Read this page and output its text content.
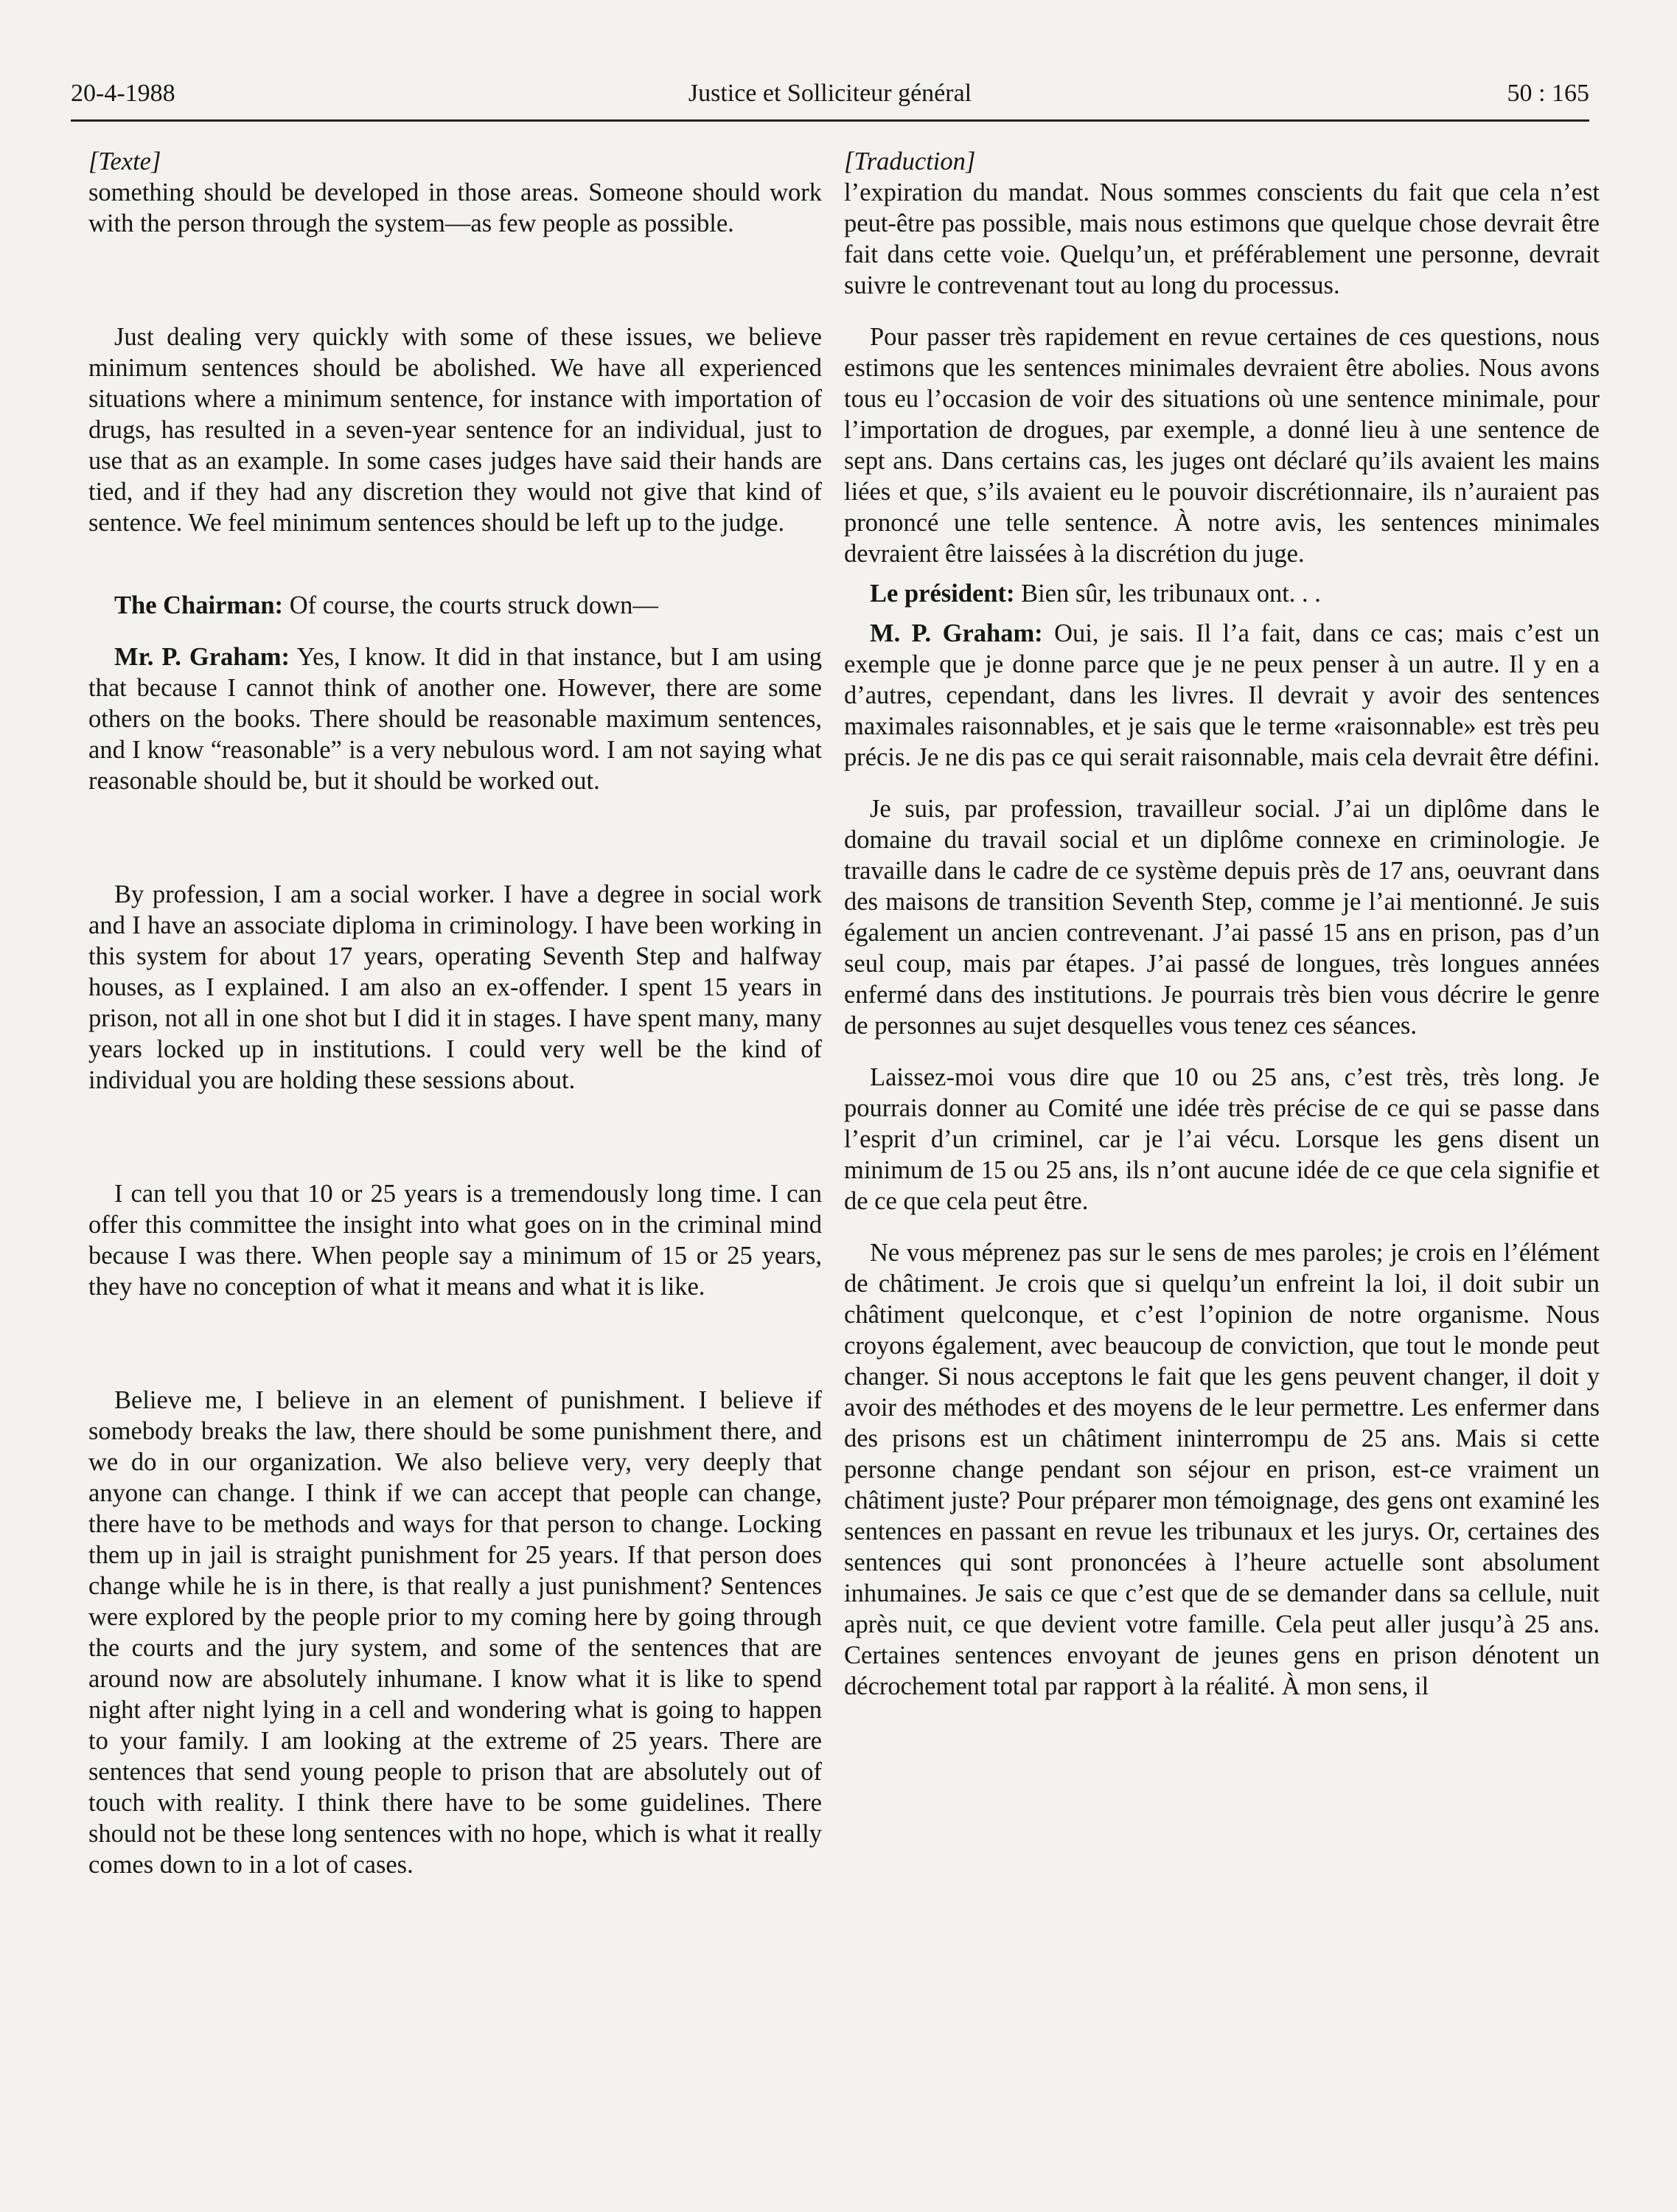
20-4-1988	Justice et Solliciteur général	50 : 165

[Texte]

something should be developed in those areas. Someone should work with the person through the system—as few people as possible.

Just dealing very quickly with some of these issues, we believe minimum sentences should be abolished. We have all experienced situations where a minimum sentence, for instance with importation of drugs, has resulted in a seven-year sentence for an individual, just to use that as an example. In some cases judges have said their hands are tied, and if they had any discretion they would not give that kind of sentence. We feel minimum sentences should be left up to the judge.

The Chairman: Of course, the courts struck down—

Mr. P. Graham: Yes, I know. It did in that instance, but I am using that because I cannot think of another one. However, there are some others on the books. There should be reasonable maximum sentences, and I know “reasonable” is a very nebulous word. I am not saying what reasonable should be, but it should be worked out.

By profession, I am a social worker. I have a degree in social work and I have an associate diploma in criminology. I have been working in this system for about 17 years, operating Seventh Step and halfway houses, as I explained. I am also an ex-offender. I spent 15 years in prison, not all in one shot but I did it in stages. I have spent many, many years locked up in institutions. I could very well be the kind of individual you are holding these sessions about.

I can tell you that 10 or 25 years is a tremendously long time. I can offer this committee the insight into what goes on in the criminal mind because I was there. When people say a minimum of 15 or 25 years, they have no conception of what it means and what it is like.

Believe me, I believe in an element of punishment. I believe if somebody breaks the law, there should be some punishment there, and we do in our organization. We also believe very, very deeply that anyone can change. I think if we can accept that people can change, there have to be methods and ways for that person to change. Locking them up in jail is straight punishment for 25 years. If that person does change while he is in there, is that really a just punishment? Sentences were explored by the people prior to my coming here by going through the courts and the jury system, and some of the sentences that are around now are absolutely inhumane. I know what it is like to spend night after night lying in a cell and wondering what is going to happen to your family. I am looking at the extreme of 25 years. There are sentences that send young people to prison that are absolutely out of touch with reality. I think there have to be some guidelines. There should not be these long sentences with no hope, which is what it really comes down to in a lot of cases.

[Traduction]

l’expiration du mandat. Nous sommes conscients du fait que cela n’est peut-être pas possible, mais nous estimons que quelque chose devrait être fait dans cette voie. Quelqu’un, et préférablement une personne, devrait suivre le contrevenant tout au long du processus.

Pour passer très rapidement en revue certaines de ces questions, nous estimons que les sentences minimales devraient être abolies. Nous avons tous eu l’occasion de voir des situations où une sentence minimale, pour l’importation de drogues, par exemple, a donné lieu à une sentence de sept ans. Dans certains cas, les juges ont déclaré qu’ils avaient les mains liées et que, s’ils avaient eu le pouvoir discrétionnaire, ils n’auraient pas prononcé une telle sentence. À notre avis, les sentences minimales devraient être laissées à la discrétion du juge.

Le président: Bien sûr, les tribunaux ont. . .

M. P. Graham: Oui, je sais. Il l’a fait, dans ce cas; mais c’est un exemple que je donne parce que je ne peux penser à un autre. Il y en a d’autres, cependant, dans les livres. Il devrait y avoir des sentences maximales raisonnables, et je sais que le terme «raisonnable» est très peu précis. Je ne dis pas ce qui serait raisonnable, mais cela devrait être défini.

Je suis, par profession, travailleur social. J’ai un diplôme dans le domaine du travail social et un diplôme connexe en criminologie. Je travaille dans le cadre de ce système depuis près de 17 ans, oeuvrant dans des maisons de transition Seventh Step, comme je l’ai mentionné. Je suis également un ancien contrevenant. J’ai passé 15 ans en prison, pas d’un seul coup, mais par étapes. J’ai passé de longues, très longues années enfermé dans des institutions. Je pourrais très bien vous décrire le genre de personnes au sujet desquelles vous tenez ces séances.

Laissez-moi vous dire que 10 ou 25 ans, c’est très, très long. Je pourrais donner au Comité une idée très précise de ce qui se passe dans l’esprit d’un criminel, car je l’ai vécu. Lorsque les gens disent un minimum de 15 ou 25 ans, ils n’ont aucune idée de ce que cela signifie et de ce que cela peut être.

Ne vous méprenez pas sur le sens de mes paroles; je crois en l’élément de châtiment. Je crois que si quelqu’un enfreint la loi, il doit subir un châtiment quelconque, et c’est l’opinion de notre organisme. Nous croyons également, avec beaucoup de conviction, que tout le monde peut changer. Si nous acceptons le fait que les gens peuvent changer, il doit y avoir des méthodes et des moyens de le leur permettre. Les enfermer dans des prisons est un châtiment ininterrompu de 25 ans. Mais si cette personne change pendant son séjour en prison, est-ce vraiment un châtiment juste? Pour préparer mon témoignage, des gens ont examiné les sentences en passant en revue les tribunaux et les jurys. Or, certaines des sentences qui sont prononcées à l’heure actuelle sont absolument inhumaines. Je sais ce que c’est que de se demander dans sa cellule, nuit après nuit, ce que devient votre famille. Cela peut aller jusqu’à 25 ans. Certaines sentences envoyant de jeunes gens en prison dénotent un décrochement total par rapport à la réalité. À mon sens, il
